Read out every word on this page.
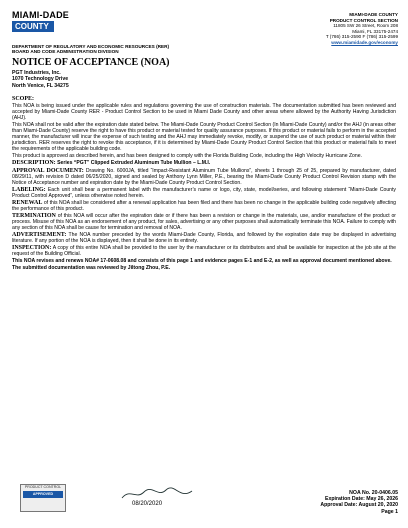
MIAMI-DADE
COUNTY
MIAMI-DADE COUNTY
PRODUCT CONTROL SECTION
11805 SW 26 Street, Room 208
Miami, FL 33175-2474
T (786) 315-2590 F (786) 315-2599
www.miamidade.gov/economy
DEPARTMENT OF REGULATORY AND ECONOMIC RESOURCES (RER)
BOARD AND CODE ADMINISTRATION DIVISION
NOTICE OF ACCEPTANCE (NOA)
PGT Industries, Inc.
1070 Technology Drive
North Venice, FL 34275

SCOPE:

This NOA is being issued under the applicable rules and regulations governing the use of construction materials. The documentation submitted has been reviewed and accepted by Miami-Dade County RER - Product Control Section to be used in Miami Dade County and other areas where allowed by the Authority Having Jurisdiction (AHJ).

This NOA shall not be valid after the expiration date stated below. The Miami-Dade County Product Control Section (In Miami-Dade County) and/or the AHJ (in areas other than Miami-Dade County) reserve the right to have this product or material tested for quality assurance purposes. If this product or material fails to perform in the accepted manner, the manufacturer will incur the expense of such testing and the AHJ may immediately revoke, modify, or suspend the use of such product or material within their jurisdiction. RER reserves the right to revoke this acceptance, if it is determined by Miami-Dade County Product Control Section that this product or material fails to meet the requirements of the applicable building code.

This product is approved as described herein, and has been designed to comply with the Florida Building Code, including the High Velocity Hurricane Zone.

DESCRIPTION: Series “PGT” Clipped Extruded Aluminum Tube Mullion – L.M.I.

APPROVAL DOCUMENT: Drawing No. 6000JA, titled “Impact-Resistant Aluminum Tube Mullions”, sheets 1 through 25 of 25, prepared by manufacturer, dated 08/29/11, with revision D dated 06/25/2020, signed and sealed by Anthony Lynn Miller, P.E., bearing the Miami-Dade County Product Control Revision stamp with the Notice of Acceptance number and expiration date by the Miami-Dade County Product Control Section.

LABELING: Each unit shall bear a permanent label with the manufacturer’s name or logo, city, state, model/series, and following statement “Miami-Dade County Product Control Approved”, unless otherwise noted herein.

RENEWAL of this NOA shall be considered after a renewal application has been filed and there has been no change in the applicable building code negatively affecting the performance of this product.

TERMINATION of this NOA will occur after the expiration date or if there has been a revision or change in the materials, use, and/or manufacture of the product or process. Misuse of this NOA as an endorsement of any product, for sales, advertising or any other purposes shall automatically terminate this NOA. Failure to comply with any section of this NOA shall be cause for termination and removal of NOA.

ADVERTISEMENT: The NOA number preceded by the words Miami-Dade County, Florida, and followed by the expiration date may be displayed in advertising literature. If any portion of the NOA is displayed, then it shall be done in its entirety.

INSPECTION: A copy of this entire NOA shall be provided to the user by the manufacturer or its distributors and shall be available for inspection at the job site at the request of the Building Official.

This NOA revises and renews NOA# 17-0608.08 and consists of this page 1 and evidence pages E-1 and E-2, as well as approval document mentioned above.

The submitted documentation was reviewed by Jiltong Zhou, P.E.

PRODUCT CONTROL
APPROVED
08/20/2020
NOA No. 20-0406.05
Expiration Date: May 26, 2026
Approval Date: August 20, 2020
Page 1
